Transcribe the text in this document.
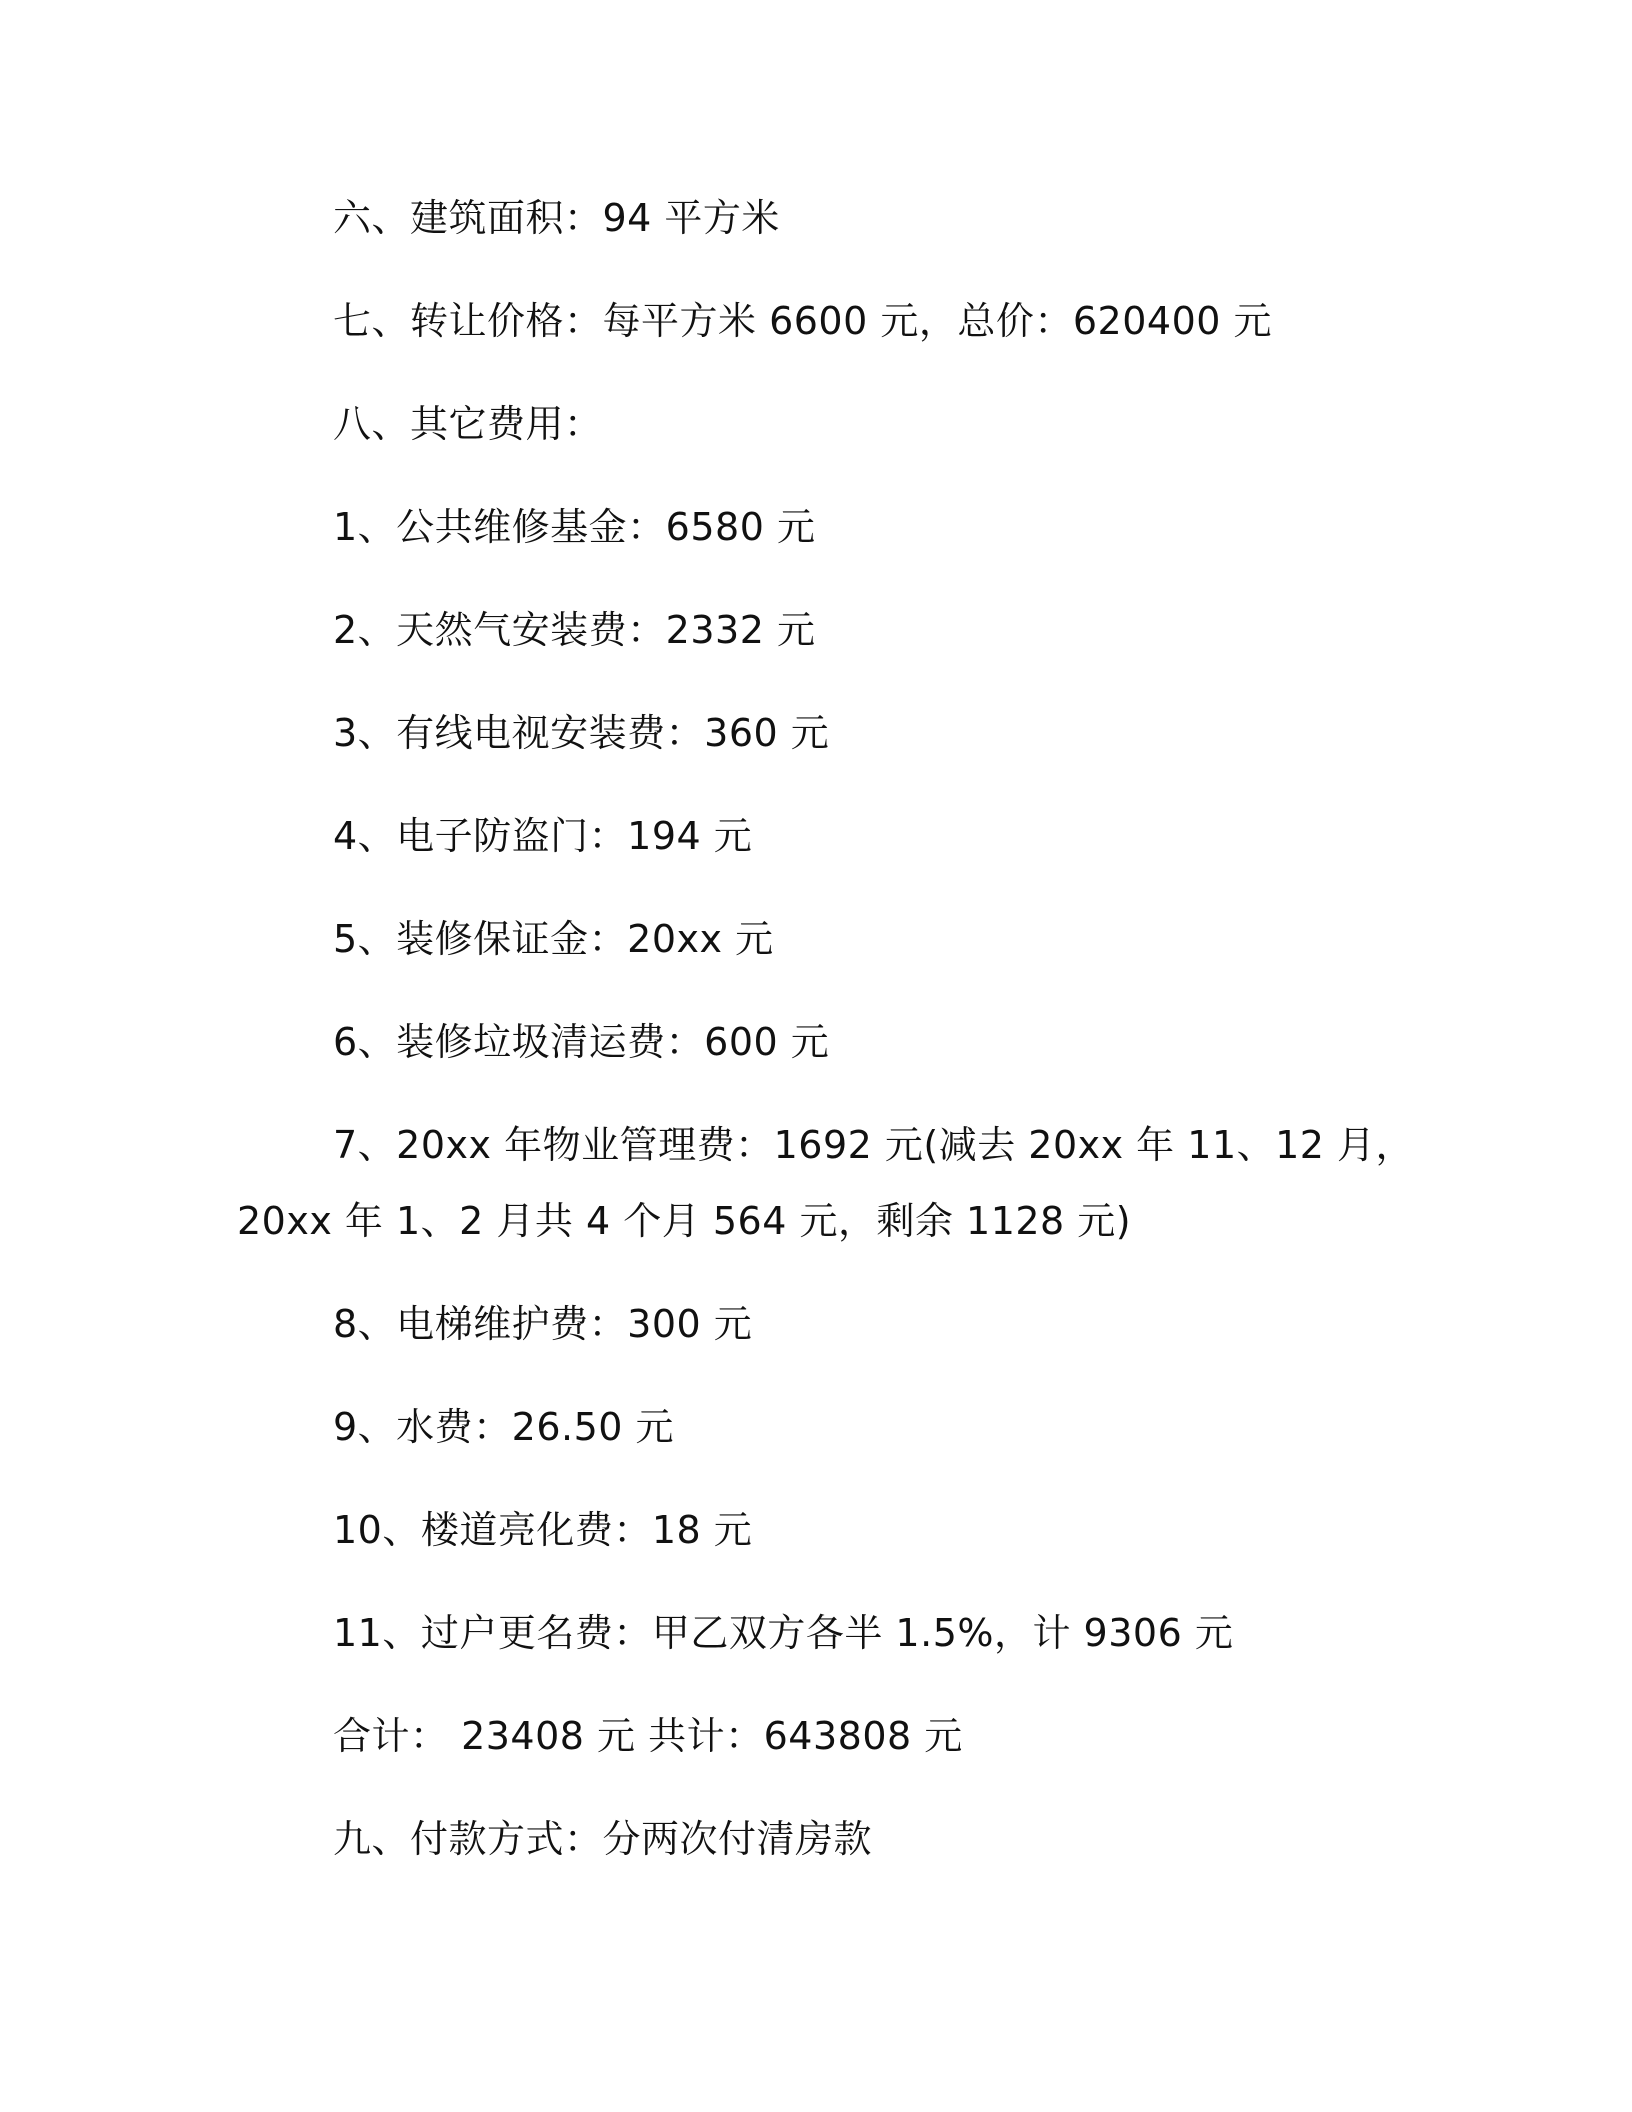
六、建筑面积：94 平方米
七、转让价格：每平方米 6600 元，总价：620400 元
八、其它费用：
1、公共维修基金：6580 元
2、天然气安装费：2332 元
3、有线电视安装费：360 元
4、电子防盗门：194 元
5、装修保证金：20xx 元
6、装修垃圾清运费：600 元
7、20xx 年物业管理费：1692 元(减去 20xx 年 11、12 月，
20xx 年 1、2 月共 4 个月 564 元，剩余 1128 元)
8、电梯维护费：300 元
9、水费：26.50 元
10、楼道亮化费：18 元
11、过户更名费：甲乙双方各半 1.5%，计 9306 元
合计： 23408 元 共计：643808 元
九、付款方式：分两次付清房款
